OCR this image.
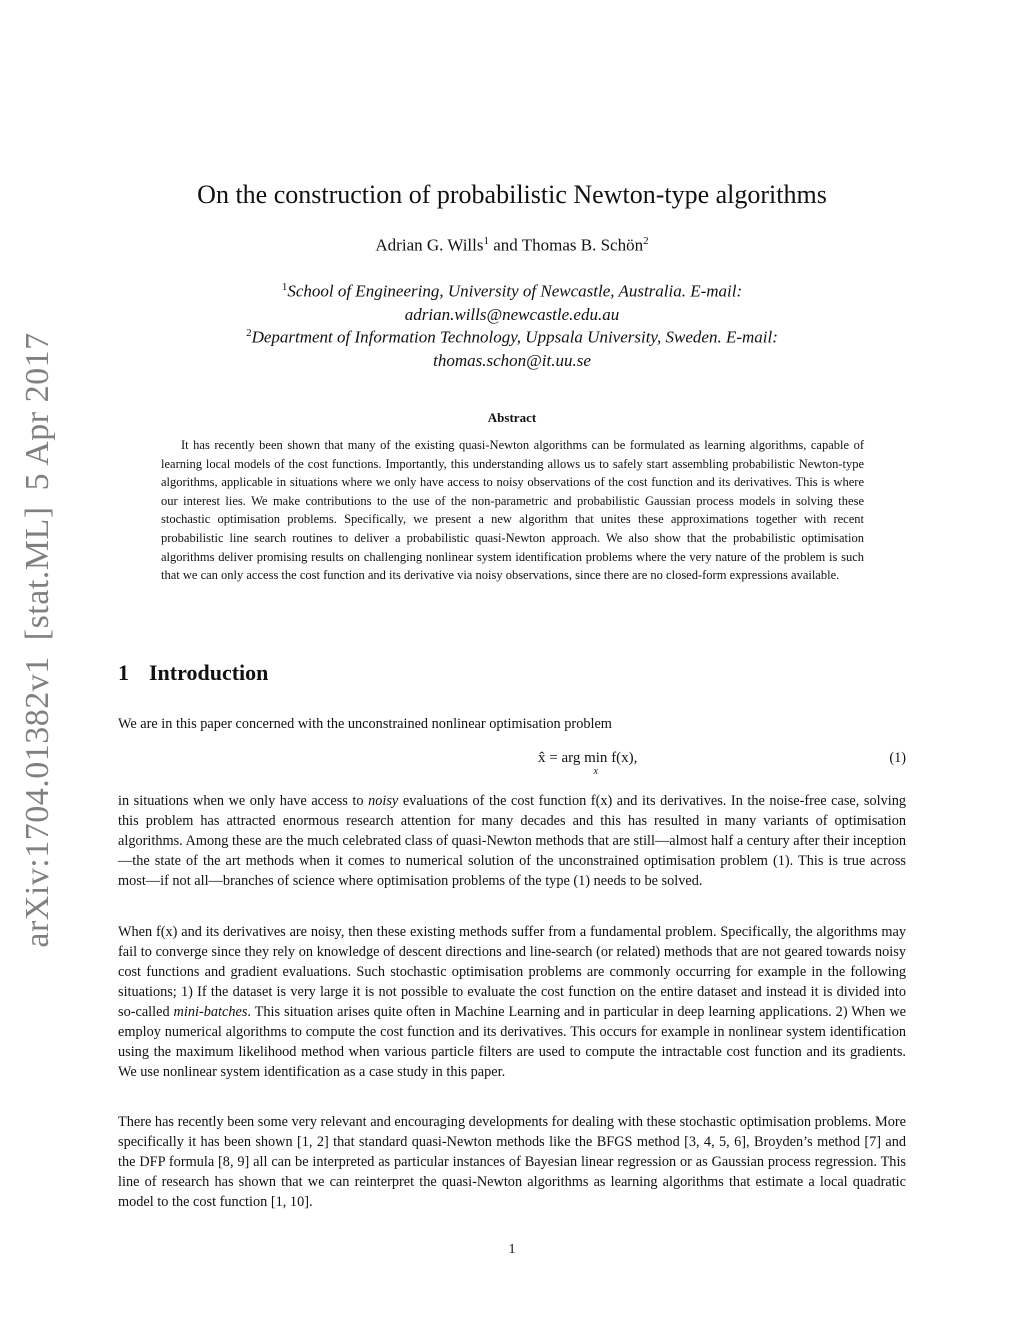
arXiv:1704.01382v1[stat.ML]5 Apr 2017
On the construction of probabilistic Newton-type algorithms
Adrian G. Wills$^1$ and Thomas B. Schön$^2$
$^1$School of Engineering, University of Newcastle, Australia. E-mail:
adrian.wills@newcastle.edu.au
$^2$Department of Information Technology, Uppsala University, Sweden. E-mail:
thomas.schon@it.uu.se
Abstract

It has recently been shown that many of the existing quasi-Newton algorithms can be formulated as learning algorithms, capable of learning local models of the cost functions. Importantly, this understanding allows us to safely start assembling probabilistic Newton-type algorithms, applicable in situations where we only have access to noisy observations of the cost function and its derivatives. This is where our interest lies. We make contributions to the use of the non-parametric and probabilistic Gaussian process models in solving these stochastic optimisation problems. Specifically, we present a new algorithm that unites these approximations together with recent probabilistic line search routines to deliver a probabilistic quasi-Newton approach. We also show that the probabilistic optimisation algorithms deliver promising results on challenging nonlinear system identification problems where the very nature of the problem is such that we can only access the cost function and its derivative via noisy observations, since there are no closed-form expressions available.

1 Introduction

We are in this paper concerned with the unconstrained nonlinear optimisation problem

x̂ = arg min
x
f(x),	(1)

in situations when we only have access to noisy evaluations of the cost function f(x) and its derivatives. In the noise-free case, solving this problem has attracted enormous research attention for many decades and this has resulted in many variants of optimisation algorithms. Among these are the much celebrated class of quasi-Newton methods that are still—almost half a century after their inception—the state of the art methods when it comes to numerical solution of the unconstrained optimisation problem (1). This is true across most—if not all—branches of science where optimisation problems of the type (1) needs to be solved.

When f(x) and its derivatives are noisy, then these existing methods suffer from a fundamental problem. Specifically, the algorithms may fail to converge since they rely on knowledge of descent directions and line-search (or related) methods that are not geared towards noisy cost functions and gradient evaluations. Such stochastic optimisation problems are commonly occurring for example in the following situations; 1) If the dataset is very large it is not possible to evaluate the cost function on the entire dataset and instead it is divided into so-called mini-batches. This situation arises quite often in Machine Learning and in particular in deep learning applications. 2) When we employ numerical algorithms to compute the cost function and its derivatives. This occurs for example in nonlinear system identification using the maximum likelihood method when various particle filters are used to compute the intractable cost function and its gradients. We use nonlinear system identification as a case study in this paper.

There has recently been some very relevant and encouraging developments for dealing with these stochastic optimisation problems. More specifically it has been shown [1, 2] that standard quasi-Newton methods like the BFGS method [3, 4, 5, 6], Broyden’s method [7] and the DFP formula [8, 9] all can be interpreted as particular instances of Bayesian linear regression or as Gaussian process regression. This line of research has shown that we can reinterpret the quasi-Newton algorithms as learning algorithms that estimate a local quadratic model to the cost function [1, 10].

1
